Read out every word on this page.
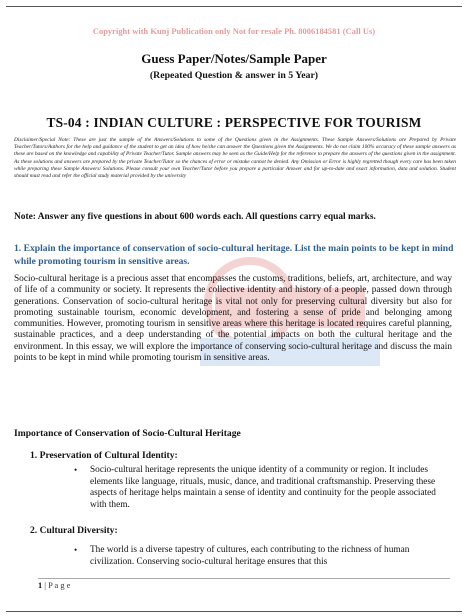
Copyright with Kunj Publication only Not for resale Ph. 8006184581 (Call Us)
Guess Paper/Notes/Sample Paper
(Repeated Question & answer in 5 Year)
TS-04 : INDIAN CULTURE : PERSPECTIVE FOR TOURISM
Disclaimer/Special Note: These are just the sample of the Answers/Solutions to some of the Questions given in the Assignments. These Sample Answers/Solutions are Prepared by Private Teacher/Tutors/Authors for the help and guidance of the student to get an idea of how he/she can answer the Questions given the Assignments. We do not claim 100% accuracy of these sample answers as these are based on the knowledge and capability of Private Teacher/Tutor. Sample answers may be seen as the Guide/Help for the reference to prepare the answers of the questions given in the assignment. As these solutions and answers are prepared by the private Teacher/Tutor so the chances of error or mistake cannot be denied. Any Omission or Error is highly regretted though every care has been taken while preparing these Sample Answers/ Solutions. Please consult your own Teacher/Tutor before you prepare a particular Answer and for up-to-date and exact information, data and solution. Student should must read and refer the official study material provided by the university
Note: Answer any five questions in about 600 words each. All questions carry equal marks.
1. Explain the importance of conservation of socio-cultural heritage. List the main points to be kept in mind while promoting tourism in sensitive areas.
Socio-cultural heritage is a precious asset that encompasses the customs, traditions, beliefs, art, architecture, and way of life of a community or society. It represents the collective identity and history of a people, passed down through generations. Conservation of socio-cultural heritage is vital not only for preserving cultural diversity but also for promoting sustainable tourism, economic development, and fostering a sense of pride and belonging among communities. However, promoting tourism in sensitive areas where this heritage is located requires careful planning, sustainable practices, and a deep understanding of the potential impacts on both the cultural heritage and the environment. In this essay, we will explore the importance of conserving socio-cultural heritage and discuss the main points to be kept in mind while promoting tourism in sensitive areas.
Importance of Conservation of Socio-Cultural Heritage
1. Preservation of Cultural Identity:
• Socio-cultural heritage represents the unique identity of a community or region. It includes elements like language, rituals, music, dance, and traditional craftsmanship. Preserving these aspects of heritage helps maintain a sense of identity and continuity for the people associated with them.
2. Cultural Diversity:
• The world is a diverse tapestry of cultures, each contributing to the richness of human civilization. Conserving socio-cultural heritage ensures that this
1 | P a g e
